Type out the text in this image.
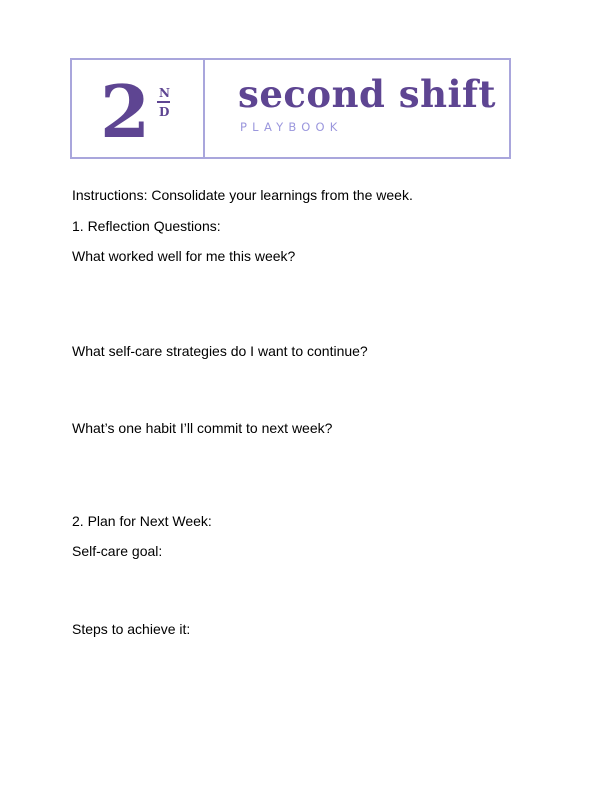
2 N
D second shift
PLAYBOOK
Instructions: Consolidate your learnings from the week.
1. Reflection Questions:
What worked well for me this week?
What self-care strategies do I want to continue?
What’s one habit I’ll commit to next week?
2. Plan for Next Week:
Self-care goal:
Steps to achieve it:
